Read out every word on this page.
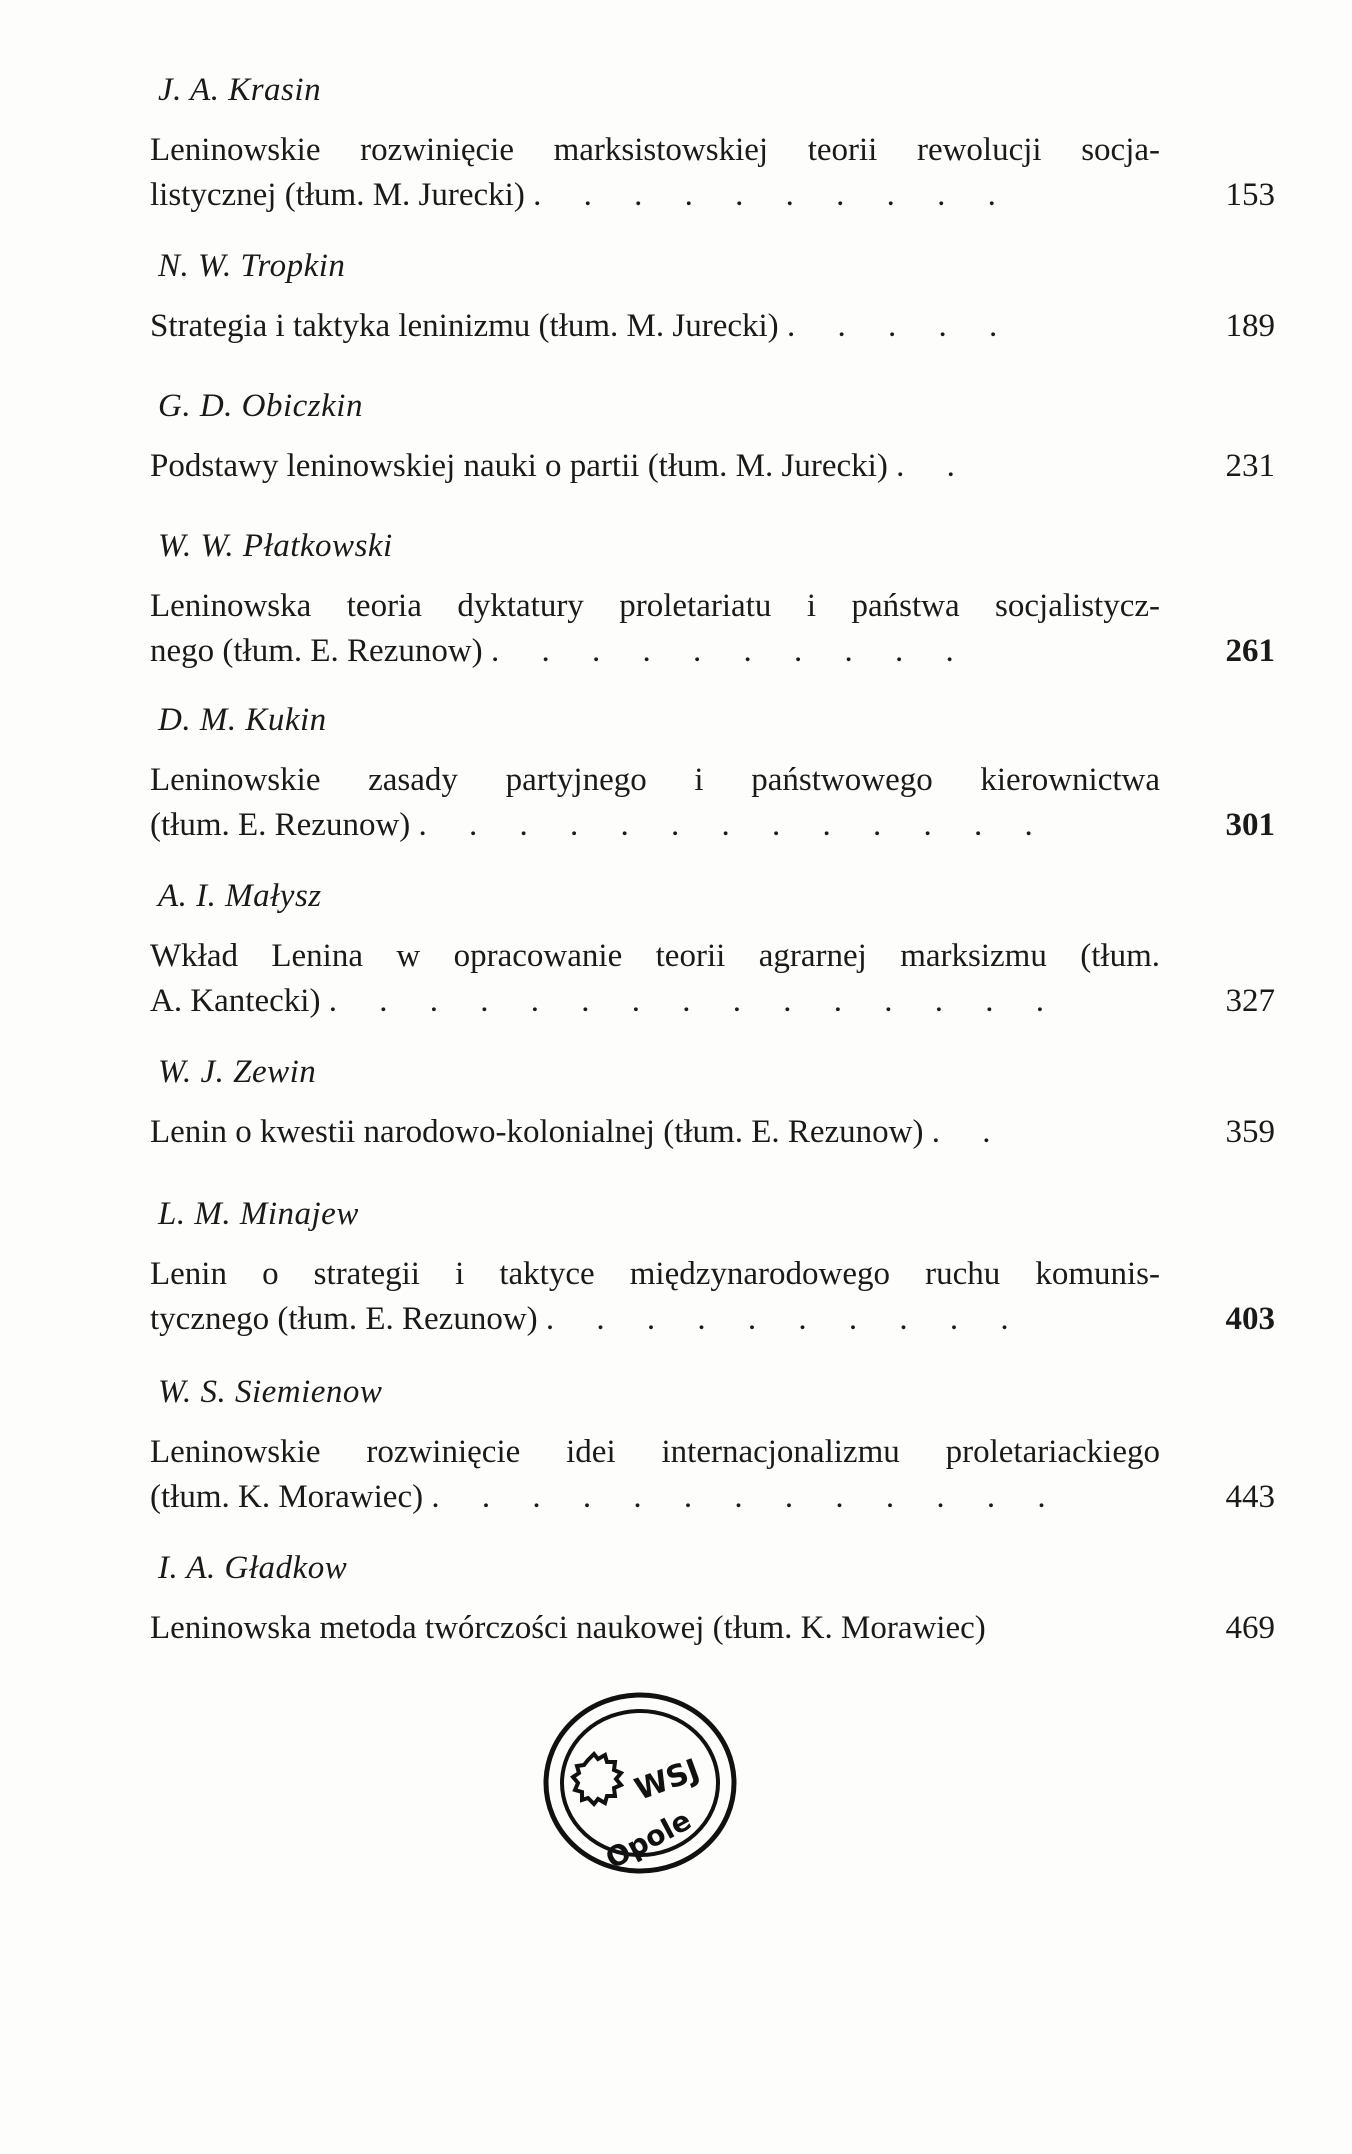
J. A. Krasin
Leninowskie rozwinięcie marksistowskiej teorii rewolucji socja-
listycznej (tłum. M. Jurecki) . . . . . . . . . .	153
N. W. Tropkin
Strategia i taktyka leninizmu (tłum. M. Jurecki) . . . . .	189
G. D. Obiczkin
Podstawy leninowskiej nauki o partii (tłum. M. Jurecki) . .	231
W. W. Płatkowski
Leninowska teoria dyktatury proletariatu i państwa socjalistycz-
nego (tłum. E. Rezunow) . . . . . . . . . .	261
D. M. Kukin
Leninowskie zasady partyjnego i państwowego kierownictwa
(tłum. E. Rezunow) . . . . . . . . . . . . .	301
A. I. Małysz
Wkład Lenina w opracowanie teorii agrarnej marksizmu (tłum.
A. Kantecki) . . . . . . . . . . . . . . .	327
W. J. Zewin
Lenin o kwestii narodowo-kolonialnej (tłum. E. Rezunow) . .	359
L. M. Minajew
Lenin o strategii i taktyce międzynarodowego ruchu komunis-
tycznego (tłum. E. Rezunow) . . . . . . . . . .	403
W. S. Siemienow
Leninowskie rozwinięcie idei internacjonalizmu proletariackiego
(tłum. K. Morawiec) . . . . . . . . . . . . .	443
I. A. Gładkow
Leninowska metoda twórczości naukowej (tłum. K. Morawiec)	469
WSJ
Opole
